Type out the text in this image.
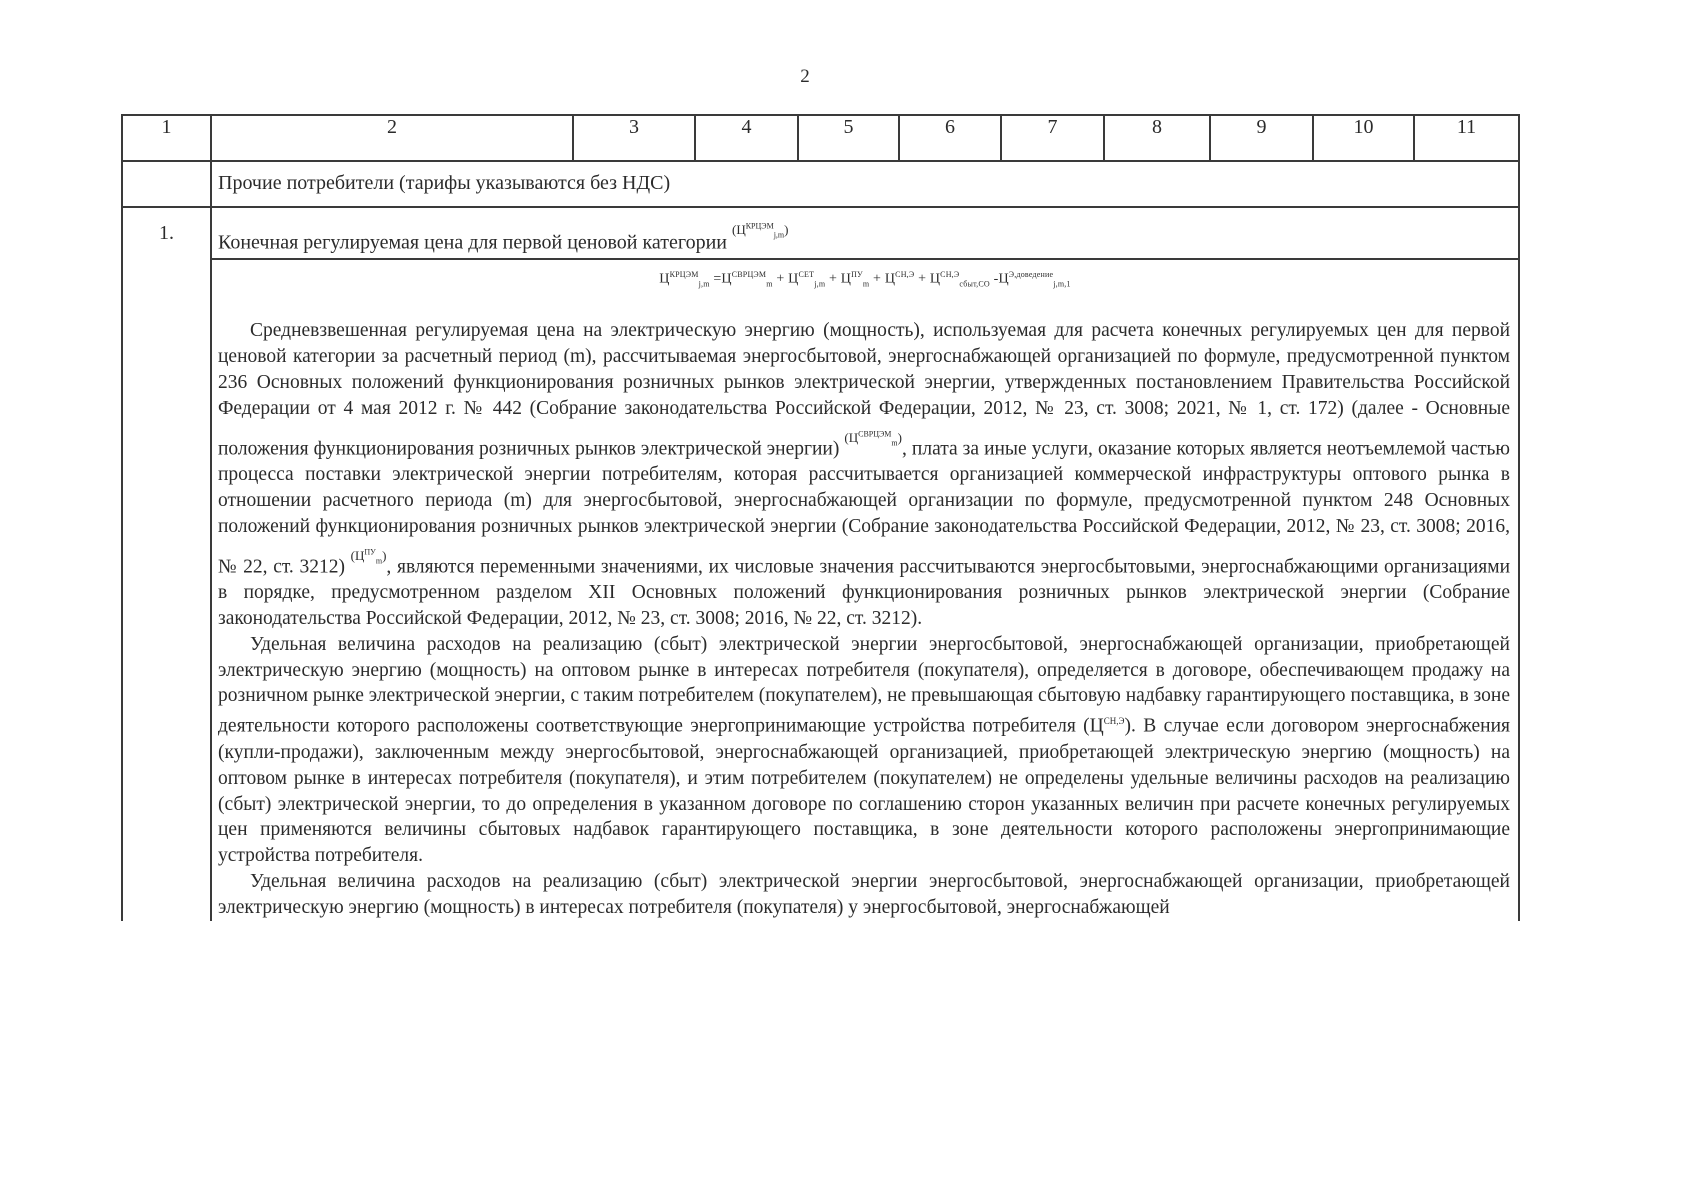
2
1	2	3	4	5	6	7	8	9	10	11

	Прочие потребители (тарифы указываются без НДС)									

1.	Конечная регулируемая цена для первой ценовой категории $^{(Ц^{КРЦЭМ}_{j,m})}$

	$Ц^{КРЦЭМ}_{j,m} =Ц^{СВРЦЭМ}_m + Ц^{СЕТ}_{j,m} + Ц^{ПУ}_m + Ц^{СН,Э} + Ц^{СН,Э}_{сбыт,СО}$ $-Ц^{Э,доведение}_{j,m,1}$

Средневзвешенная регулируемая цена на электрическую энергию (мощность), используемая для расчета конечных регулируемых цен для первой ценовой категории за расчетный период (m), рассчитываемая энергосбытовой, энергоснабжающей организацией по формуле, предусмотренной пунктом 236 Основных положений функционирования розничных рынков электрической энергии, утвержденных постановлением Правительства Российской Федерации от 4 мая 2012 г. № 442 (Собрание законодательства Российской Федерации, 2012, № 23, ст. 3008; 2021, № 1, ст. 172) (далее - Основные положения функционирования розничных рынков электрической энергии) $^{(Ц^{СВРЦЭМ}_m)}$, плата за иные услуги, оказание которых является неотъемлемой частью процесса поставки электрической энергии потребителям, которая рассчитывается организацией коммерческой инфраструктуры оптового рынка в отношении расчетного периода (m) для энергосбытовой, энергоснабжающей организации по формуле, предусмотренной пунктом 248 Основных положений функционирования розничных рынков электрической энергии (Собрание законодательства Российской Федерации, 2012, № 23, ст. 3008; 2016, № 22, ст. 3212) $^{(Ц^{ПУ}_m)}$, являются переменными значениями, их числовые значения рассчитываются энергосбытовыми, энергоснабжающими организациями в порядке, предусмотренном разделом XII Основных положений функционирования розничных рынков электрической энергии (Собрание законодательства Российской Федерации, 2012, № 23, ст. 3008; 2016, № 22, ст. 3212).

Удельная величина расходов на реализацию (сбыт) электрической энергии энергосбытовой, энергоснабжающей организации, приобретающей электрическую энергию (мощность) на оптовом рынке в интересах потребителя (покупателя), определяется в договоре, обеспечивающем продажу на розничном рынке электрической энергии, с таким потребителем (покупателем), не превышающая сбытовую надбавку гарантирующего поставщика, в зоне деятельности которого расположены соответствующие энергопринимающие устройства потребителя $(Ц^{СН,Э})$. В случае если договором энергоснабжения (купли-продажи), заключенным между энергосбытовой, энергоснабжающей организацией, приобретающей электрическую энергию (мощность) на оптовом рынке в интересах потребителя (покупателя), и этим потребителем (покупателем) не определены удельные величины расходов на реализацию (сбыт) электрической энергии, то до определения в указанном договоре по соглашению сторон указанных величин при расчете конечных регулируемых цен применяются величины сбытовых надбавок гарантирующего поставщика, в зоне деятельности которого расположены энергопринимающие устройства потребителя.

Удельная величина расходов на реализацию (сбыт) электрической энергии энергосбытовой, энергоснабжающей организации, приобретающей электрическую энергию (мощность) в интересах потребителя (покупателя) у энергосбытовой, энергоснабжающей									
